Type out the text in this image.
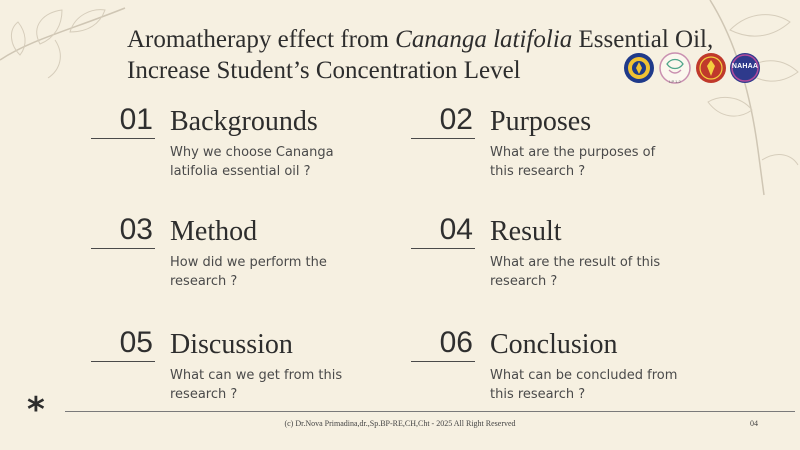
Aromatherapy effect from Cananga latifolia Essential Oil,
Increase Student’s Concentration Level	LP 1.2
NAHAA
01 Backgrounds
Why we choose Cananga
latifolia essential oil ?
02 Purposes
What are the purposes of
this research ?
03 Method
How did we perform the
research ?
04 Result
What are the result of this
research ?
05 Discussion
What can we get from this
research ?
06 Conclusion
What can be concluded from
this research ?
*	(c) Dr.Nova Primadina,dr.,Sp.BP-RE,CH,Cht - 2025 All Right Reserved	04
